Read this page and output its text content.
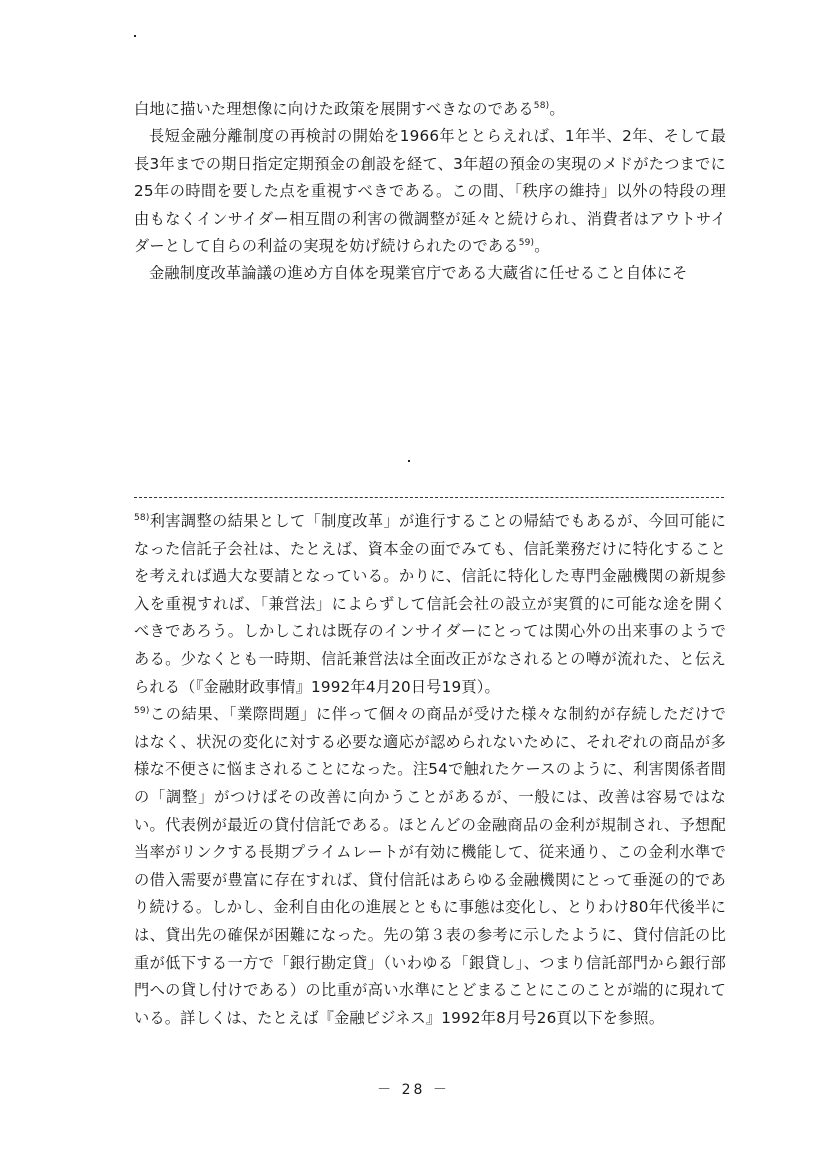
白地に描いた理想像に向けた政策を展開すべきなのである$^{58)}$。

長短金融分離制度の再検討の開始を1966年ととらえれば、1年半、2年、そして最長3年までの期日指定定期預金の創設を経て、3年超の預金の実現のメドがたつまでに25年の時間を要した点を重視すべきである。この間、「秩序の維持」以外の特段の理由もなくインサイダー相互間の利害の微調整が延々と続けられ、消費者はアウトサイダーとして自らの利益の実現を妨げ続けられたのである$^{59)}$。

金融制度改革論議の進め方自体を現業官庁である大蔵省に任せること自体にそ

$^{58)}$利害調整の結果として「制度改革」が進行することの帰結でもあるが、今回可能になった信託子会社は、たとえば、資本金の面でみても、信託業務だけに特化することを考えれば過大な要請となっている。かりに、信託に特化した専門金融機関の新規参入を重視すれば、「兼営法」によらずして信託会社の設立が実質的に可能な途を開くべきであろう。しかしこれは既存のインサイダーにとっては関心外の出来事のようである。少なくとも一時期、信託兼営法は全面改正がなされるとの噂が流れた、と伝えられる（『金融財政事情』1992年4月20日号19頁）。

$^{59)}$この結果、「業際問題」に伴って個々の商品が受けた様々な制約が存続しただけではなく、状況の変化に対する必要な適応が認められないために、それぞれの商品が多様な不便さに悩まされることになった。注54で触れたケースのように、利害関係者間の「調整」がつけばその改善に向かうことがあるが、一般には、改善は容易ではない。代表例が最近の貸付信託である。ほとんどの金融商品の金利が規制され、予想配当率がリンクする長期プライムレートが有効に機能して、従来通り、この金利水準での借入需要が豊富に存在すれば、貸付信託はあらゆる金融機関にとって垂涎の的であり続ける。しかし、金利自由化の進展とともに事態は変化し、とりわけ80年代後半には、貸出先の確保が困難になった。先の第３表の参考に示したように、貸付信託の比重が低下する一方で「銀行勘定貸」（いわゆる「銀貸し」、つまり信託部門から銀行部門への貸し付けである）の比重が高い水準にとどまることにこのことが端的に現れている。詳しくは、たとえば『金融ビジネス』1992年8月号26頁以下を参照。

－ 28 －
